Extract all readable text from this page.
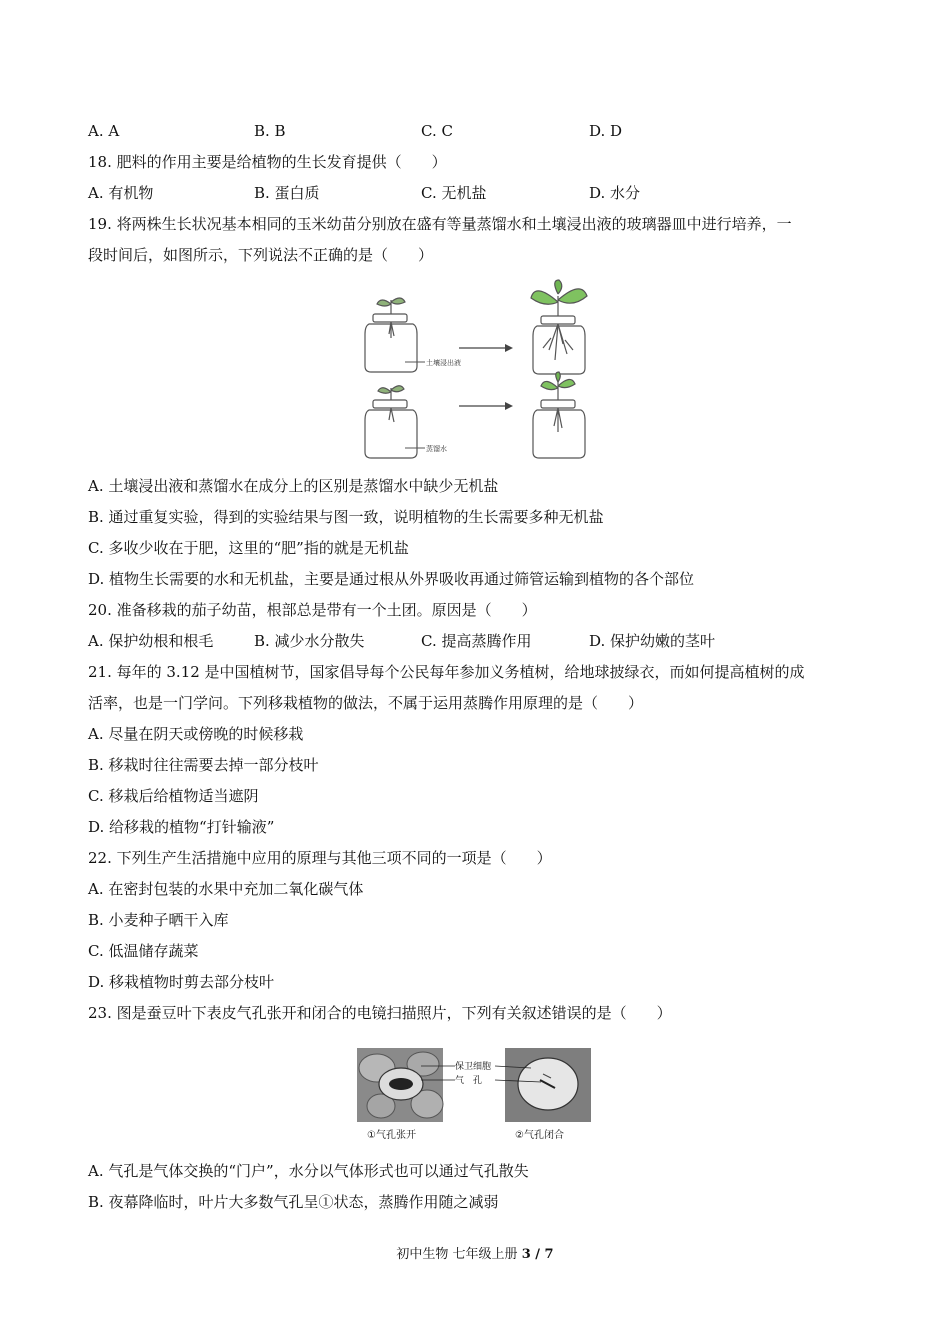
A. A	B. B	C. C	D. D
18. 肥料的作用主要是给植物的生长发育提供（　　）
A. 有机物	B. 蛋白质	C. 无机盐	D. 水分
19. 将两株生长状况基本相同的玉米幼苗分别放在盛有等量蒸馏水和土壤浸出液的玻璃器皿中进行培养，一
段时间后，如图所示，下列说法不正确的是（　　）
土壤浸出液
蒸馏水
A. 土壤浸出液和蒸馏水在成分上的区别是蒸馏水中缺少无机盐
B. 通过重复实验，得到的实验结果与图一致，说明植物的生长需要多种无机盐
C. 多收少收在于肥，这里的“肥”指的就是无机盐
D. 植物生长需要的水和无机盐，主要是通过根从外界吸收再通过筛管运输到植物的各个部位
20. 准备移栽的茄子幼苗，根部总是带有一个土团。原因是（　　）
A. 保护幼根和根毛	B. 减少水分散失	C. 提高蒸腾作用	D. 保护幼嫩的茎叶
21. 每年的 3.12 是中国植树节，国家倡导每个公民每年参加义务植树，给地球披绿衣，而如何提高植树的成
活率，也是一门学问。下列移栽植物的做法，不属于运用蒸腾作用原理的是（　　）
A. 尽量在阴天或傍晚的时候移栽
B. 移栽时往往需要去掉一部分枝叶
C. 移栽后给植物适当遮阴
D. 给移栽的植物“打针输液”
22. 下列生产生活措施中应用的原理与其他三项不同的一项是（　　）
A. 在密封包装的水果中充加二氧化碳气体
B. 小麦种子晒干入库
C. 低温储存蔬菜
D. 移栽植物时剪去部分枝叶
23. 图是蚕豆叶下表皮气孔张开和闭合的电镜扫描照片，下列有关叙述错误的是（　　）
保卫细胞
气　孔
①气孔张开	②气孔闭合
A. 气孔是气体交换的“门户”，水分以气体形式也可以通过气孔散失
B. 夜幕降临时，叶片大多数气孔呈①状态，蒸腾作用随之减弱
初中生物 七年级上册 3 / 7
